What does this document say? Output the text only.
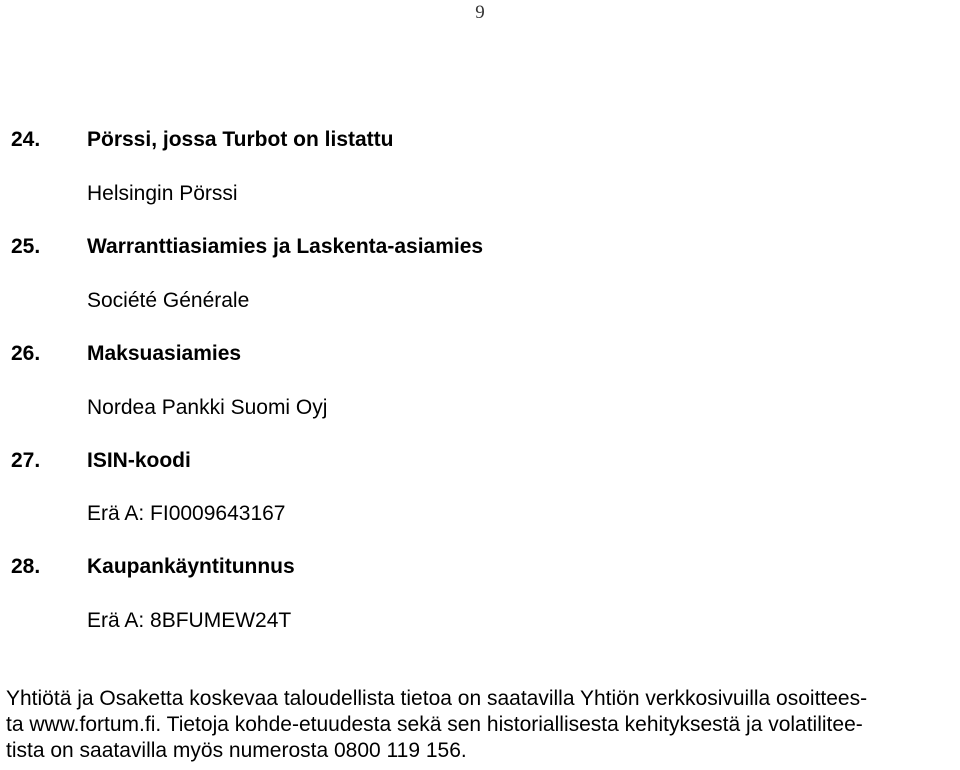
9
24. Pörssi, jossa Turbot on listattu
Helsingin Pörssi
25. Warranttiasiamies ja Laskenta-asiamies
Société Générale
26. Maksuasiamies
Nordea Pankki Suomi Oyj
27. ISIN-koodi
Erä A: FI0009643167
28. Kaupankäyntitunnus
Erä A: 8BFUMEW24T
Yhtiötä ja Osaketta koskevaa taloudellista tietoa on saatavilla Yhtiön verkkosivuilla osoittees-
ta www.fortum.fi. Tietoja kohde-etuudesta sekä sen historiallisesta kehityksestä ja volatilitee-
tista on saatavilla myös numerosta 0800 119 156.
